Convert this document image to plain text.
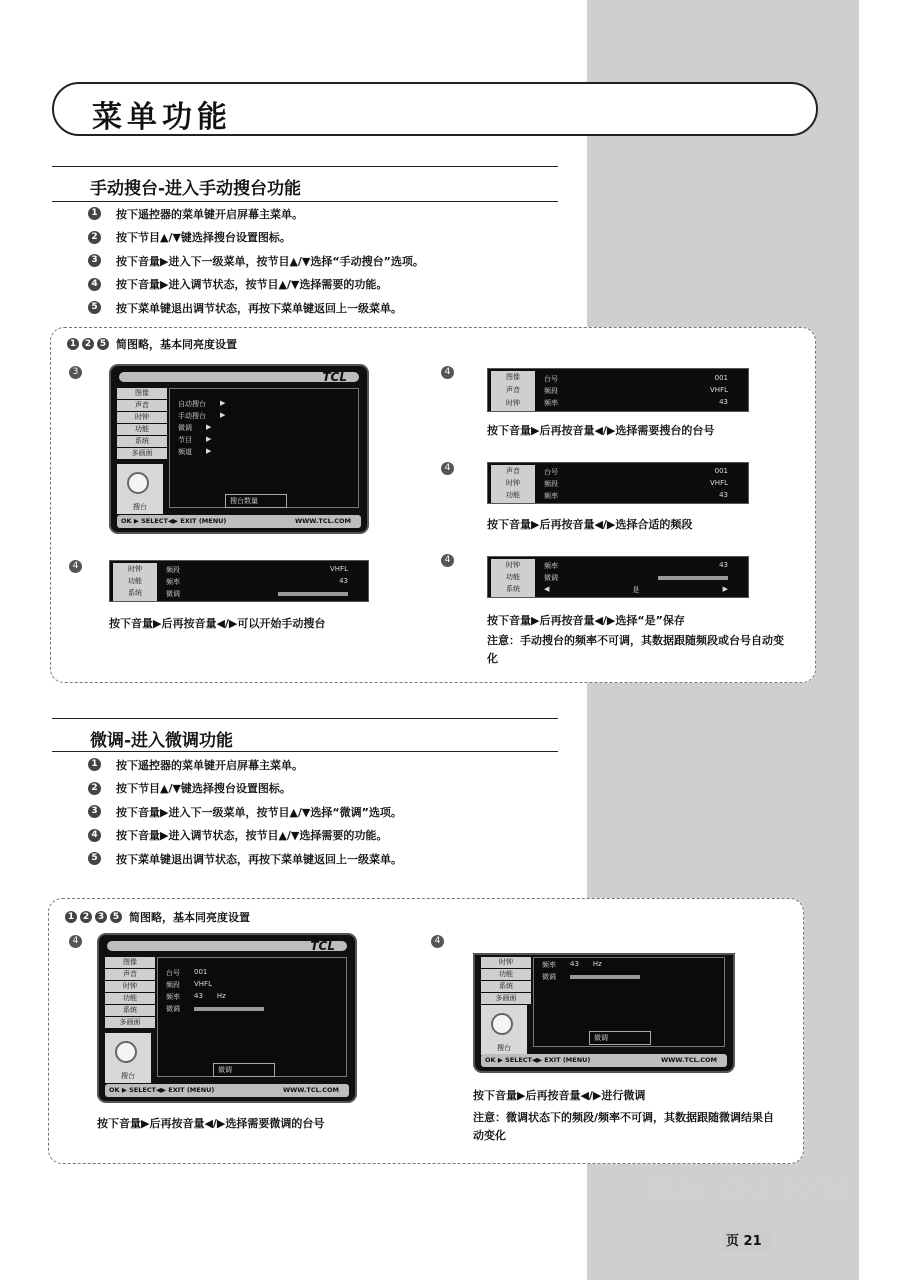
菜单功能
手动搜台-进入手动搜台功能
1	按下遥控器的菜单键开启屏幕主菜单。
2	按下节目▲/▼键选择搜台设置图标。
3	按下音量▶进入下一级菜单，按节目▲/▼选择“手动搜台”选项。
4	按下音量▶进入调节状态，按节目▲/▼选择需要的功能。
5	按下菜单键退出调节状态，再按下菜单键返回上一级菜单。
1 2 5 简图略，基本同亮度设置
3	TCL
图像
声音
时钟
功能
系统
多画面
搜台
自动搜台 ▶
手动搜台 ▶
微调 ▶
节目 ▶
频道 ▶
搜台数量
OK ▶ SELECT◀▶ EXIT (MENU)	WWW.TCL.COM
4	时钟
功能
系统
频段	VHFL
频率	43
微调
按下音量▶后再按音量◀/▶可以开始手动搜台
4	图像
声音
时钟
台号	001
频段	VHFL
频率	43
按下音量▶后再按音量◀/▶选择需要搜台的台号
4	声音
时钟
功能
台号	001
频段	VHFL
频率	43
按下音量▶后再按音量◀/▶选择合适的频段
4	时钟
功能
系统
频率	43
微调
◀	是	▶
按下音量▶后再按音量◀/▶选择“是”保存
注意：手动搜台的频率不可调，其数据跟随频段或台号自动变化
微调-进入微调功能
1	按下遥控器的菜单键开启屏幕主菜单。
2	按下节目▲/▼键选择搜台设置图标。
3	按下音量▶进入下一级菜单，按节目▲/▼选择“微调”选项。
4	按下音量▶进入调节状态，按节目▲/▼选择需要的功能。
5	按下菜单键退出调节状态，再按下菜单键返回上一级菜单。
1 2 3 5 简图略，基本同亮度设置
4	TCL
图像
声音
时钟
功能
系统
多画面
搜台
台号 001
频段 VHFL
频率 43 Hz
微调
微调
OK ▶ SELECT◀▶ EXIT (MENU)	WWW.TCL.COM
按下音量▶后再按音量◀/▶选择需要微调的台号
4
时钟
功能
系统
多画面
搜台
频率 43 Hz
微调
微调
OK ▶ SELECT◀▶ EXIT (MENU)	WWW.TCL.COM
按下音量▶后再按音量◀/▶进行微调
注意：微调状态下的频段/频率不可调，其数据跟随微调结果自动变化
Bai du 经验
jingyan.baidu.com
页 21
